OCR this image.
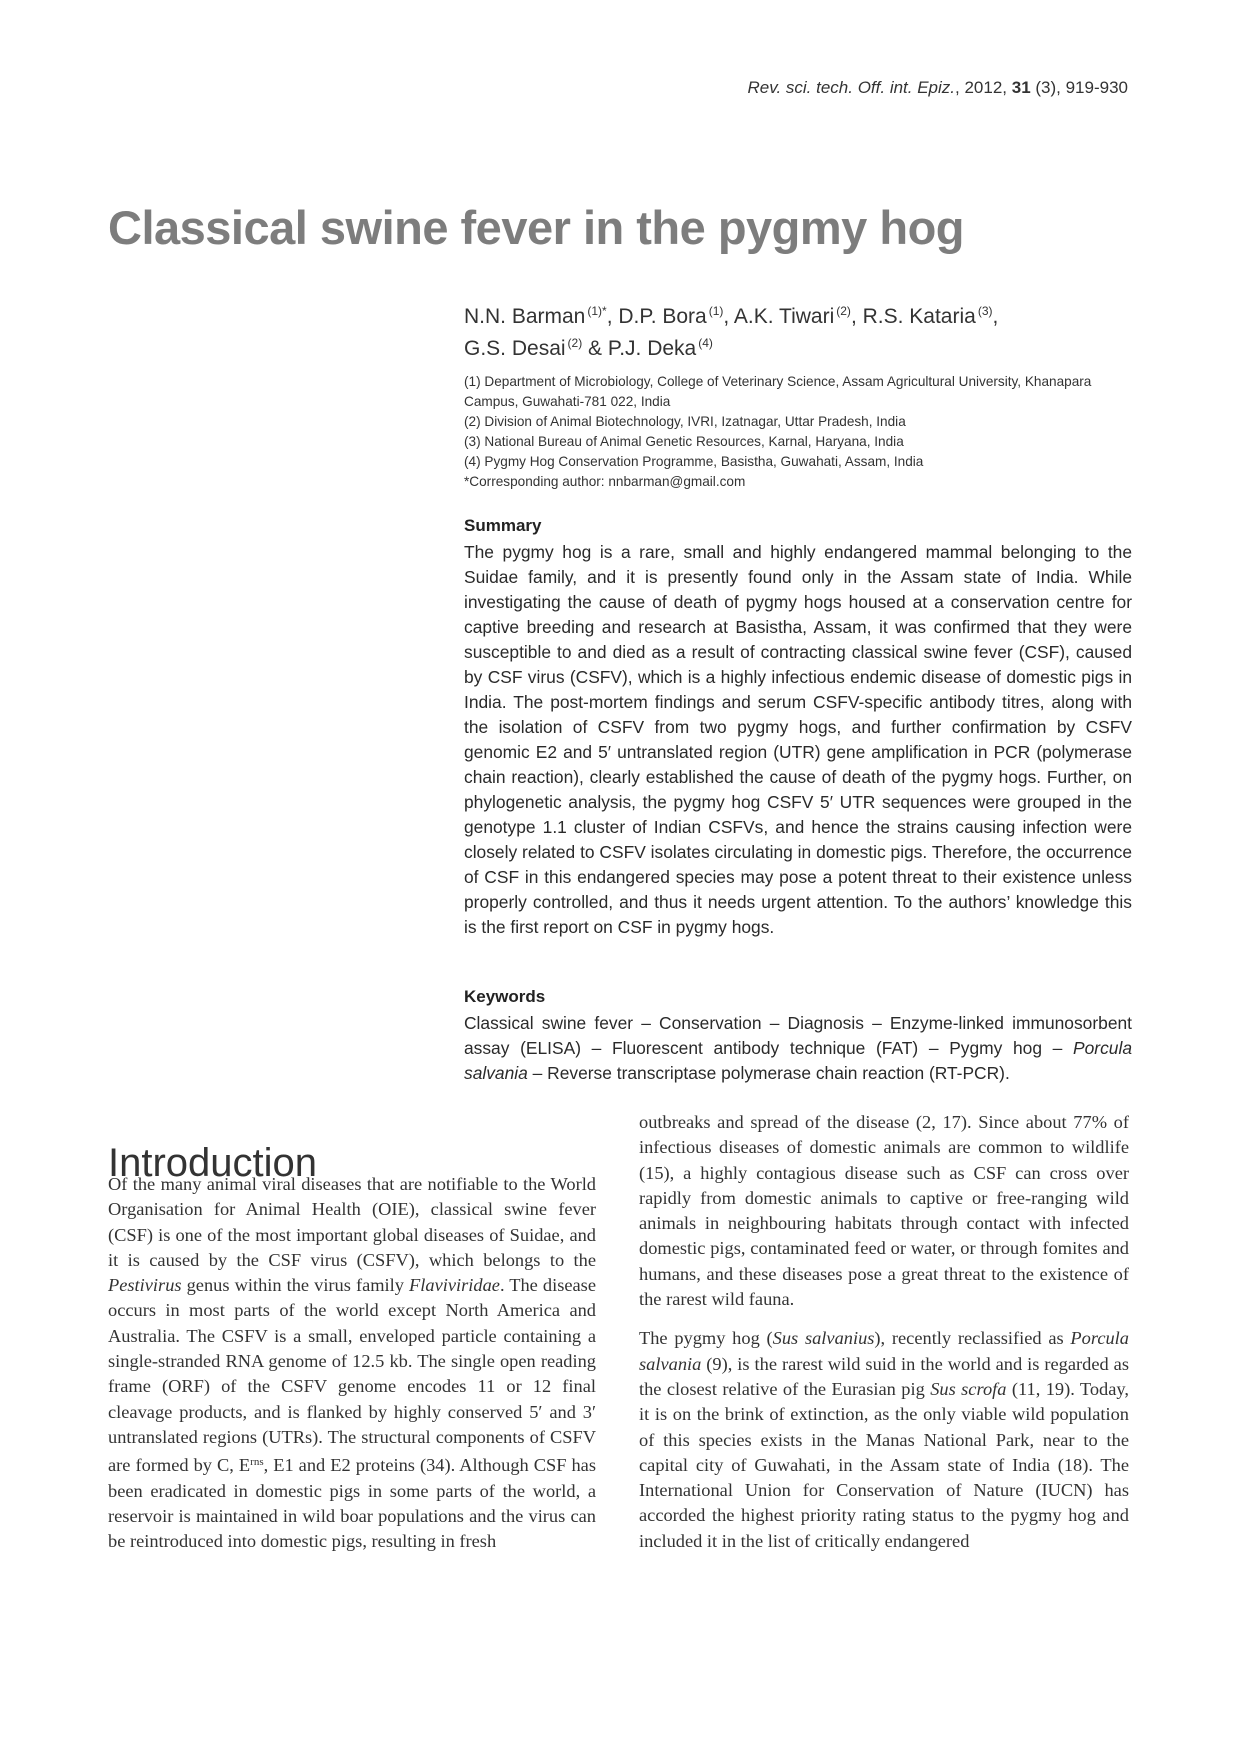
Rev. sci. tech. Off. int. Epiz., 2012, 31 (3), 919-930
Classical swine fever in the pygmy hog
N.N. Barman $^{(1)*}$, D.P. Bora $^{(1)}$, A.K. Tiwari $^{(2)}$, R.S. Kataria $^{(3)}$,
G.S. Desai $^{(2)}$ & P.J. Deka $^{(4)}$
(1) Department of Microbiology, College of Veterinary Science, Assam Agricultural University, Khanapara
Campus, Guwahati-781 022, India
(2) Division of Animal Biotechnology, IVRI, Izatnagar, Uttar Pradesh, India
(3) National Bureau of Animal Genetic Resources, Karnal, Haryana, India
(4) Pygmy Hog Conservation Programme, Basistha, Guwahati, Assam, India
*Corresponding author: nnbarman@gmail.com
Summary
The pygmy hog is a rare, small and highly endangered mammal belonging to the Suidae family, and it is presently found only in the Assam state of India. While investigating the cause of death of pygmy hogs housed at a conservation centre for captive breeding and research at Basistha, Assam, it was confirmed that they were susceptible to and died as a result of contracting classical swine fever (CSF), caused by CSF virus (CSFV), which is a highly infectious endemic disease of domestic pigs in India. The post-mortem findings and serum CSFV-specific antibody titres, along with the isolation of CSFV from two pygmy hogs, and further confirmation by CSFV genomic E2 and 5′ untranslated region (UTR) gene amplification in PCR (polymerase chain reaction), clearly established the cause of death of the pygmy hogs. Further, on phylogenetic analysis, the pygmy hog CSFV 5′ UTR sequences were grouped in the genotype 1.1 cluster of Indian CSFVs, and hence the strains causing infection were closely related to CSFV isolates circulating in domestic pigs. Therefore, the occurrence of CSF in this endangered species may pose a potent threat to their existence unless properly controlled, and thus it needs urgent attention. To the authors’ knowledge this is the first report on CSF in pygmy hogs.
Keywords
Classical swine fever – Conservation – Diagnosis – Enzyme-linked immunosorbent assay (ELISA) – Fluorescent antibody technique (FAT) – Pygmy hog – Porcula salvania – Reverse transcriptase polymerase chain reaction (RT-PCR).
Introduction

Of the many animal viral diseases that are notifiable to the World Organisation for Animal Health (OIE), classical swine fever (CSF) is one of the most important global diseases of Suidae, and it is caused by the CSF virus (CSFV), which belongs to the Pestivirus genus within the virus family Flaviviridae. The disease occurs in most parts of the world except North America and Australia. The CSFV is a small, enveloped particle containing a single-stranded RNA genome of 12.5 kb. The single open reading frame (ORF) of the CSFV genome encodes 11 or 12 final cleavage products, and is flanked by highly conserved 5′ and 3′ untranslated regions (UTRs). The structural components of CSFV are formed by C, $E^{rns}$, E1 and E2 proteins (34). Although CSF has been eradicated in domestic pigs in some parts of the world, a reservoir is maintained in wild boar populations and the virus can be reintroduced into domestic pigs, resulting in fresh

outbreaks and spread of the disease (2, 17). Since about 77% of infectious diseases of domestic animals are common to wildlife (15), a highly contagious disease such as CSF can cross over rapidly from domestic animals to captive or free-ranging wild animals in neighbouring habitats through contact with infected domestic pigs, contaminated feed or water, or through fomites and humans, and these diseases pose a great threat to the existence of the rarest wild fauna.

The pygmy hog (Sus salvanius), recently reclassified as Porcula salvania (9), is the rarest wild suid in the world and is regarded as the closest relative of the Eurasian pig Sus scrofa (11, 19). Today, it is on the brink of extinction, as the only viable wild population of this species exists in the Manas National Park, near to the capital city of Guwahati, in the Assam state of India (18). The International Union for Conservation of Nature (IUCN) has accorded the highest priority rating status to the pygmy hog and included it in the list of critically endangered
